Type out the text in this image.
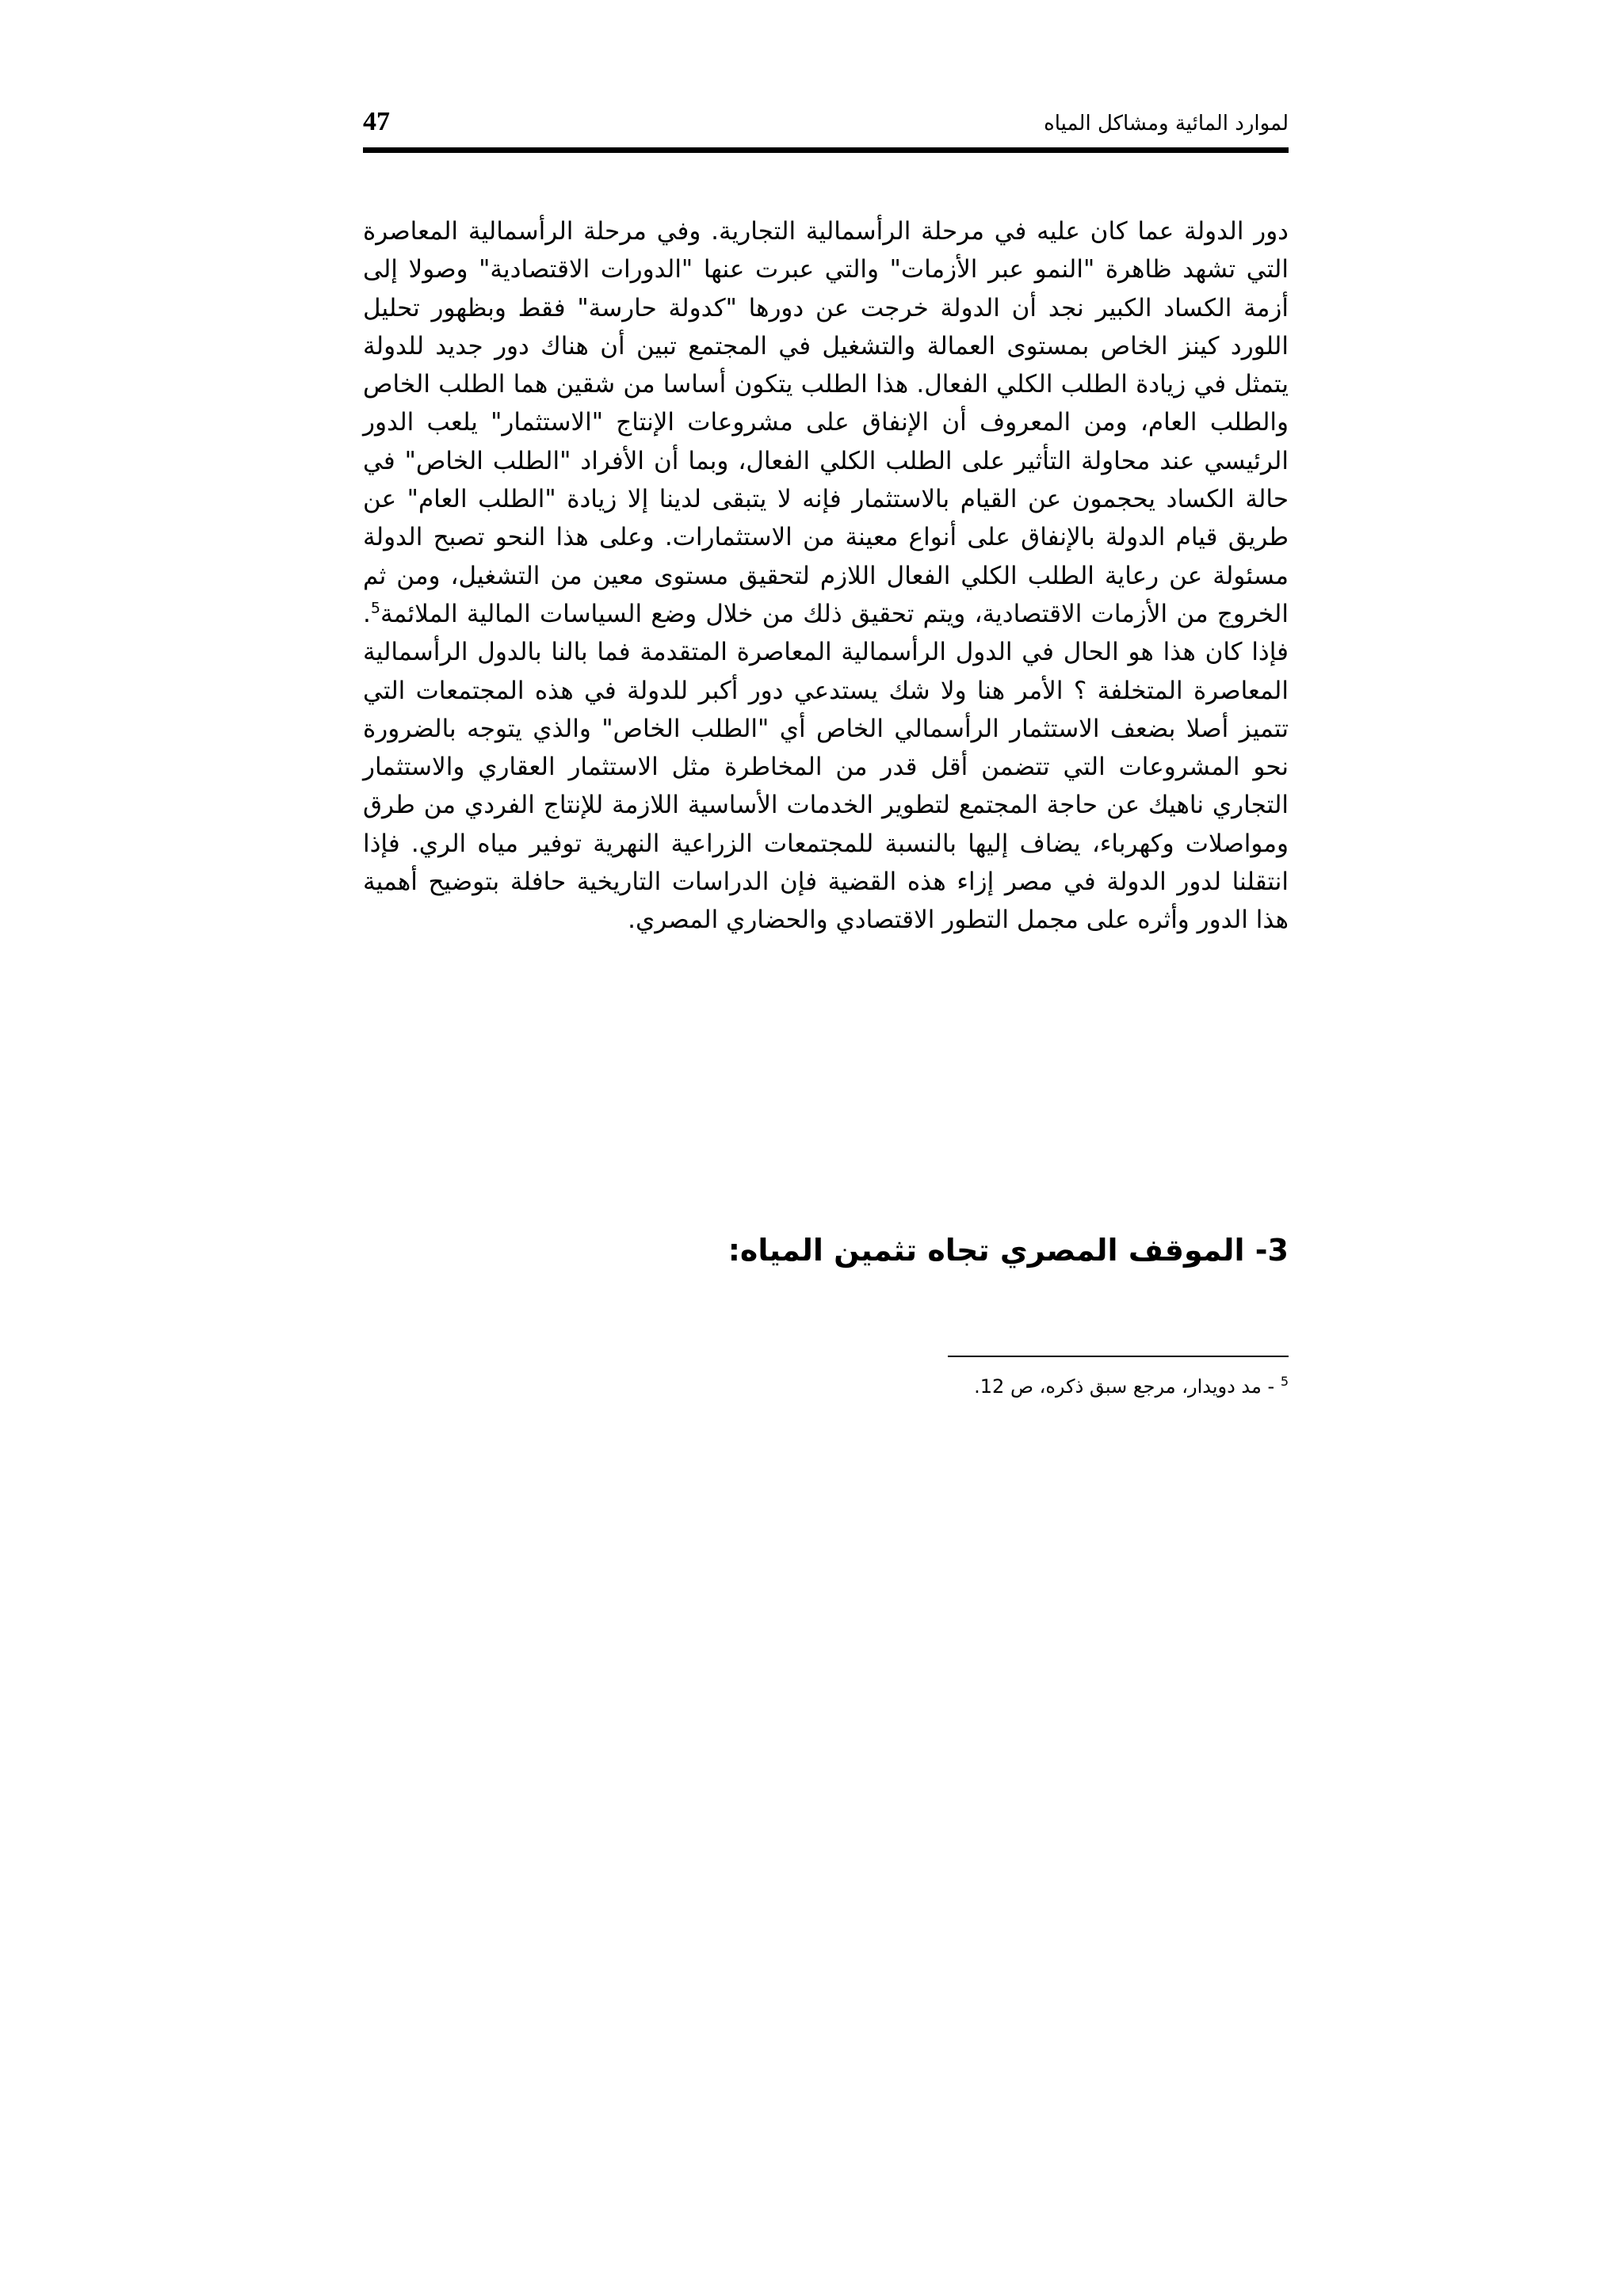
لموارد المائية ومشاكل المياه
47
دور الدولة عما كان عليه في مرحلة الرأسمالية التجارية. وفي مرحلة الرأسمالية المعاصرة التي تشهد ظاهرة "النمو عبر الأزمات" والتي عبرت عنها "الدورات الاقتصادية" وصولا إلى أزمة الكساد الكبير نجد أن الدولة خرجت عن دورها "كدولة حارسة" فقط وبظهور تحليل اللورد كينز الخاص بمستوى العمالة والتشغيل في المجتمع تبين أن هناك دور جديد للدولة يتمثل في زيادة الطلب الكلي الفعال. هذا الطلب يتكون أساسا من شقين هما الطلب الخاص والطلب العام، ومن المعروف أن الإنفاق على مشروعات الإنتاج "الاستثمار" يلعب الدور الرئيسي عند محاولة التأثير على الطلب الكلي الفعال، وبما أن الأفراد "الطلب الخاص" في حالة الكساد يحجمون عن القيام بالاستثمار فإنه لا يتبقى لدينا إلا زيادة "الطلب العام" عن طريق قيام الدولة بالإنفاق على أنواع معينة من الاستثمارات. وعلى هذا النحو تصبح الدولة مسئولة عن رعاية الطلب الكلي الفعال اللازم لتحقيق مستوى معين من التشغيل، ومن ثم الخروج من الأزمات الاقتصادية، ويتم تحقيق ذلك من خلال وضع السياسات المالية الملائمة$^5$. فإذا كان هذا هو الحال في الدول الرأسمالية المعاصرة المتقدمة فما بالنا بالدول الرأسمالية المعاصرة المتخلفة ؟ الأمر هنا ولا شك يستدعي دور أكبر للدولة في هذه المجتمعات التي تتميز أصلا بضعف الاستثمار الرأسمالي الخاص أي "الطلب الخاص" والذي يتوجه بالضرورة نحو المشروعات التي تتضمن أقل قدر من المخاطرة مثل الاستثمار العقاري والاستثمار التجاري ناهيك عن حاجة المجتمع لتطوير الخدمات الأساسية اللازمة للإنتاج الفردي من طرق ومواصلات وكهرباء، يضاف إليها بالنسبة للمجتمعات الزراعية النهرية توفير مياه الري. فإذا انتقلنا لدور الدولة في مصر إزاء هذه القضية فإن الدراسات التاريخية حافلة بتوضيح أهمية هذا الدور وأثره على مجمل التطور الاقتصادي والحضاري المصري.
3- الموقف المصري تجاه تثمين المياه:
$^5$ - مد دويدار، مرجع سبق ذكره، ص 12.
